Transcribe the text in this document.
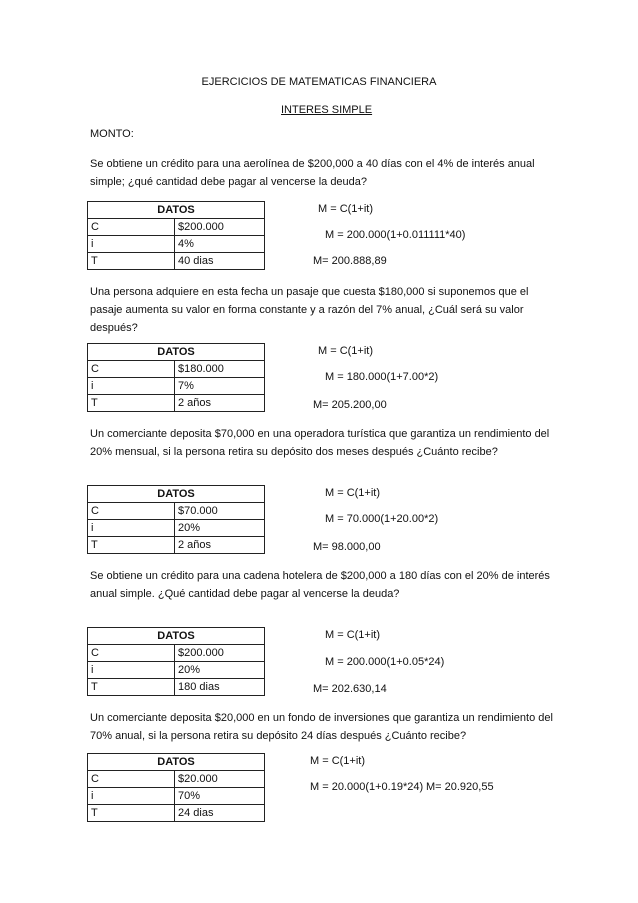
EJERCICIOS DE MATEMATICAS FINANCIERA
INTERES SIMPLE
MONTO:

Se obtiene un crédito para una aerolínea de $200,000 a 40 días con el 4% de interés anual simple; ¿qué cantidad debe pagar al vencerse la deuda?

DATOS	
C	$200.000
i	4%
T	40 dias
M = C(1+it)
M = 200.000(1+0.011111*40)
M= 200.888,89

Una persona adquiere en esta fecha un pasaje que cuesta $180,000 si suponemos que el pasaje aumenta su valor en forma constante y a razón del 7% anual, ¿Cuál será su valor después?

DATOS	
C	$180.000
i	7%
T	2 años
M = C(1+it)
M = 180.000(1+7.00*2)
M= 205.200,00

Un comerciante deposita $70,000 en una operadora turística que garantiza un rendimiento del 20% mensual, si la persona retira su depósito dos meses después ¿Cuánto recibe?

DATOS	
C	$70.000
i	20%
T	2 años
M = C(1+it)
M = 70.000(1+20.00*2)
M= 98.000,00

Se obtiene un crédito para una cadena hotelera de $200,000 a 180 días con el 20% de interés anual simple. ¿Qué cantidad debe pagar al vencerse la deuda?

DATOS	
C	$200.000
i	20%
T	180 dias
M = C(1+it)
M = 200.000(1+0.05*24)
M= 202.630,14

Un comerciante deposita $20,000 en un fondo de inversiones que garantiza un rendimiento del 70% anual, si la persona retira su depósito 24 días después ¿Cuánto recibe?

DATOS	
C	$20.000
i	70%
T	24 dias
M = C(1+it)
M = 20.000(1+0.19*24) M= 20.920,55
